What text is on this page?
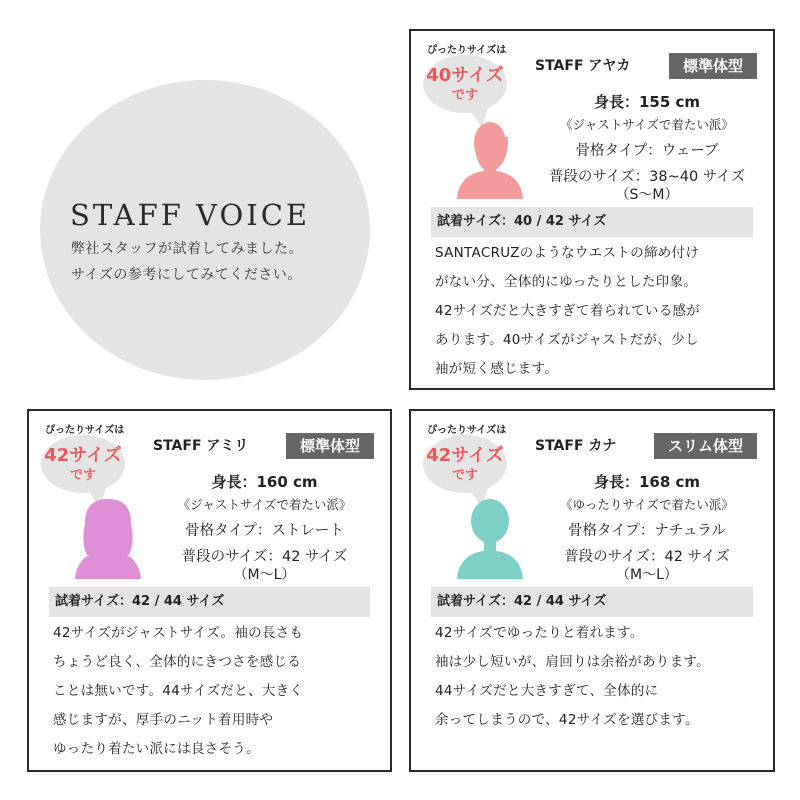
STAFF VOICE
弊社スタッフが試着してみました。
サイズの参考にしてみてください。
ぴったりサイズは
40サイズ
です
STAFF アヤカ	標準体型
身長：155 cm
《ジャストサイズで着たい派》
骨格タイプ：ウェーブ
普段のサイズ：38~40 サイズ
（S〜M）
試着サイズ：40 / 42 サイズ
SANTACRUZのようなウエストの締め付け
がない分、全体的にゆったりとした印象。
42サイズだと大きすぎて着られている感が
あります。40サイズがジャストだが、少し
袖が短く感じます。
ぴったりサイズは
42サイズ
です
STAFF アミリ	標準体型
身長：160 cm
《ジャストサイズで着たい派》
骨格タイプ：ストレート
普段のサイズ：42 サイズ
（M〜L）
試着サイズ：42 / 44 サイズ
42サイズがジャストサイズ。袖の長さも
ちょうど良く、全体的にきつさを感じる
ことは無いです。44サイズだと、大きく
感じますが、厚手のニット着用時や
ゆったり着たい派には良さそう。
ぴったりサイズは
42サイズ
です
STAFF カナ	スリム体型
身長：168 cm
《ゆったりサイズで着たい派》
骨格タイプ：ナチュラル
普段のサイズ：42 サイズ
（M〜L）
試着サイズ：42 / 44 サイズ
42サイズでゆったりと着れます。
袖は少し短いが、肩回りは余裕があります。
44サイズだと大きすぎて、全体的に
余ってしまうので、42サイズを選びます。
